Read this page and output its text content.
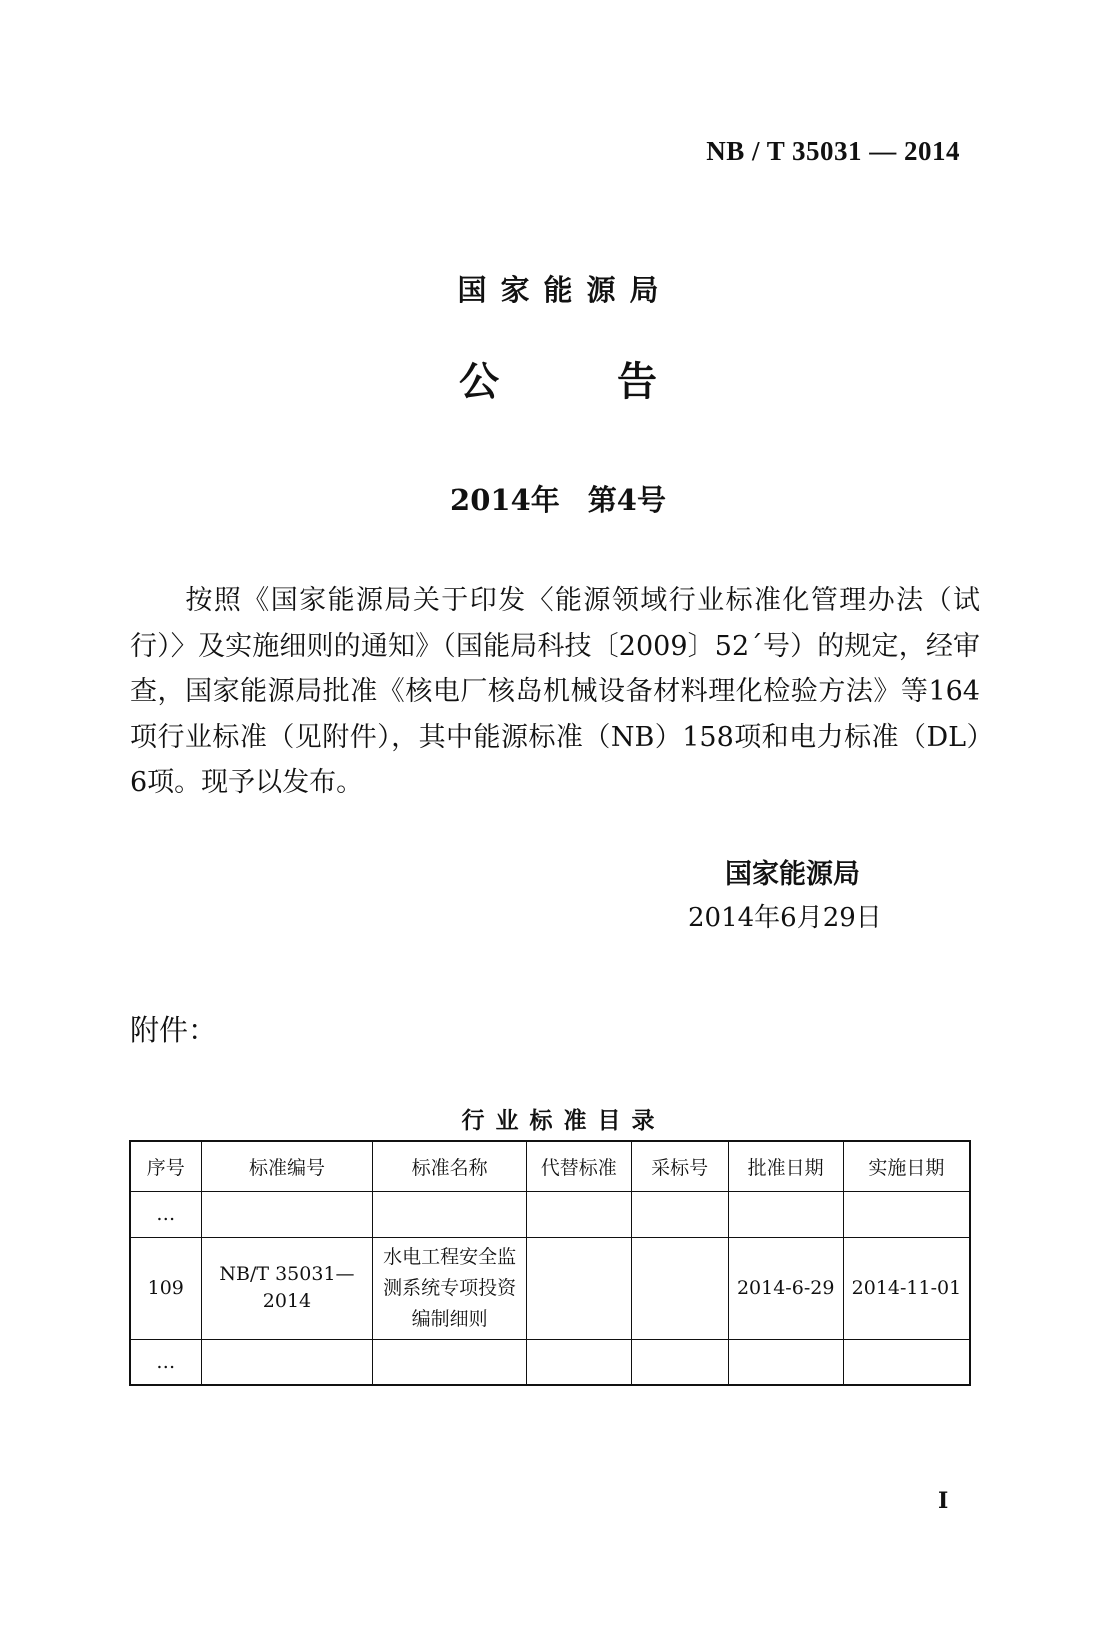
NB / T 35031 — 2014
国家能源局
公告
2014年 第4号
按照《国家能源局关于印发〈能源领域行业标准化管理办法（试行）〉及实施细则的通知》（国能局科技〔2009〕52ˊ号）的规定，经审查，国家能源局批准《核电厂核岛机械设备材料理化检验方法》等164项行业标准（见附件），其中能源标准（NB）158项和电力标准（DL）6项。现予以发布。
国家能源局
2014年6月29日
附件：
行业标准目录
序号	标准编号	标准名称	代替标准	采标号	批准日期	实施日期
…						
109	NB/T 35031—2014	水电工程安全监测系统专项投资编制细则			2014-6-29	2014-11-01
…						
I
